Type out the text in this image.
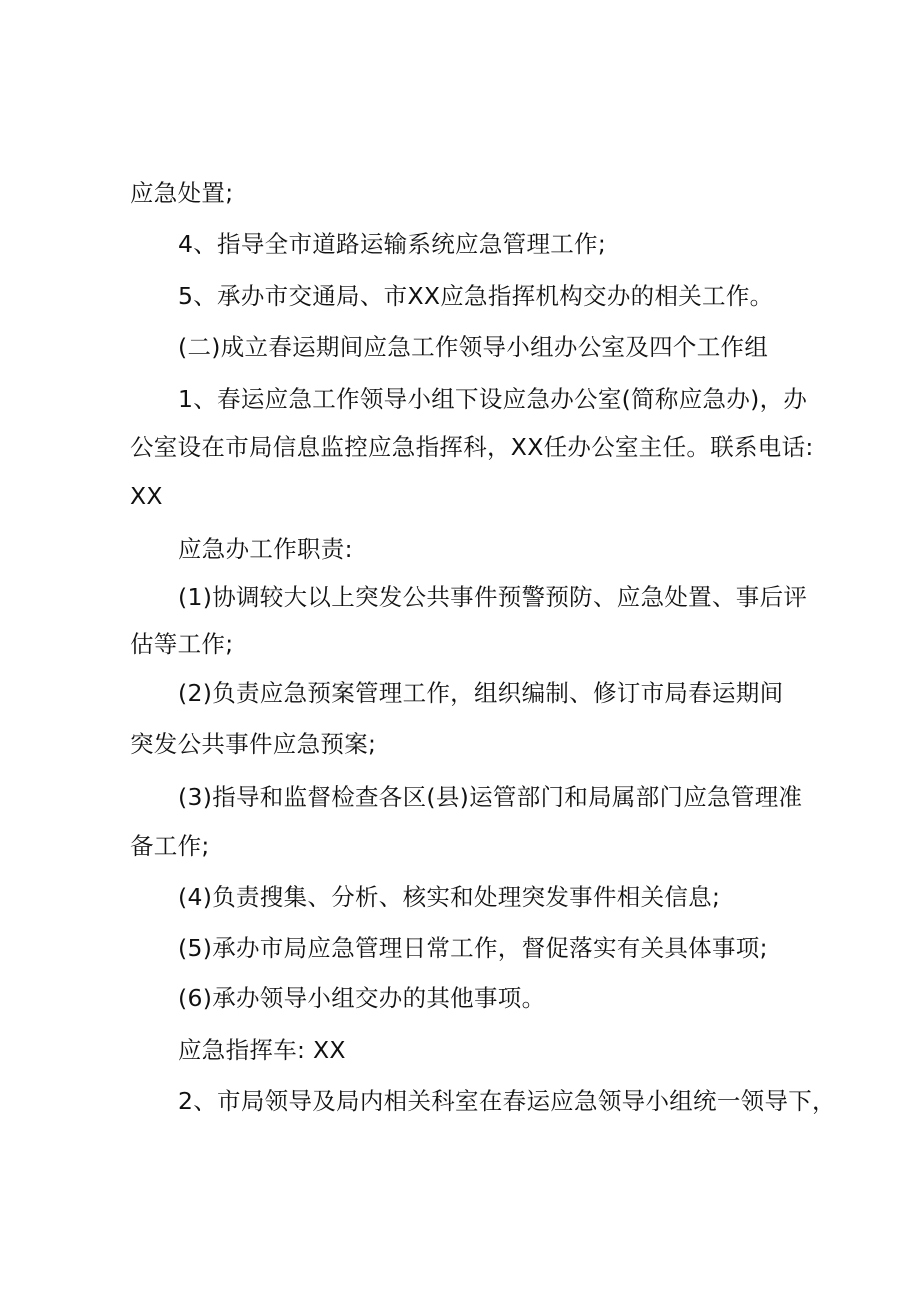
应急处置;
4、指导全市道路运输系统应急管理工作;
5、承办市交通局、市XX应急指挥机构交办的相关工作。
(二)成立春运期间应急工作领导小组办公室及四个工作组
1、春运应急工作领导小组下设应急办公室(简称应急办)，办
公室设在市局信息监控应急指挥科，XX任办公室主任。联系电话:
XX
应急办工作职责:
(1)协调较大以上突发公共事件预警预防、应急处置、事后评
估等工作;
(2)负责应急预案管理工作，组织编制、修订市局春运期间
突发公共事件应急预案;
(3)指导和监督检查各区(县)运管部门和局属部门应急管理准
备工作;
(4)负责搜集、分析、核实和处理突发事件相关信息;
(5)承办市局应急管理日常工作，督促落实有关具体事项;
(6)承办领导小组交办的其他事项。
应急指挥车: XX
2、市局领导及局内相关科室在春运应急领导小组统一领导下，
